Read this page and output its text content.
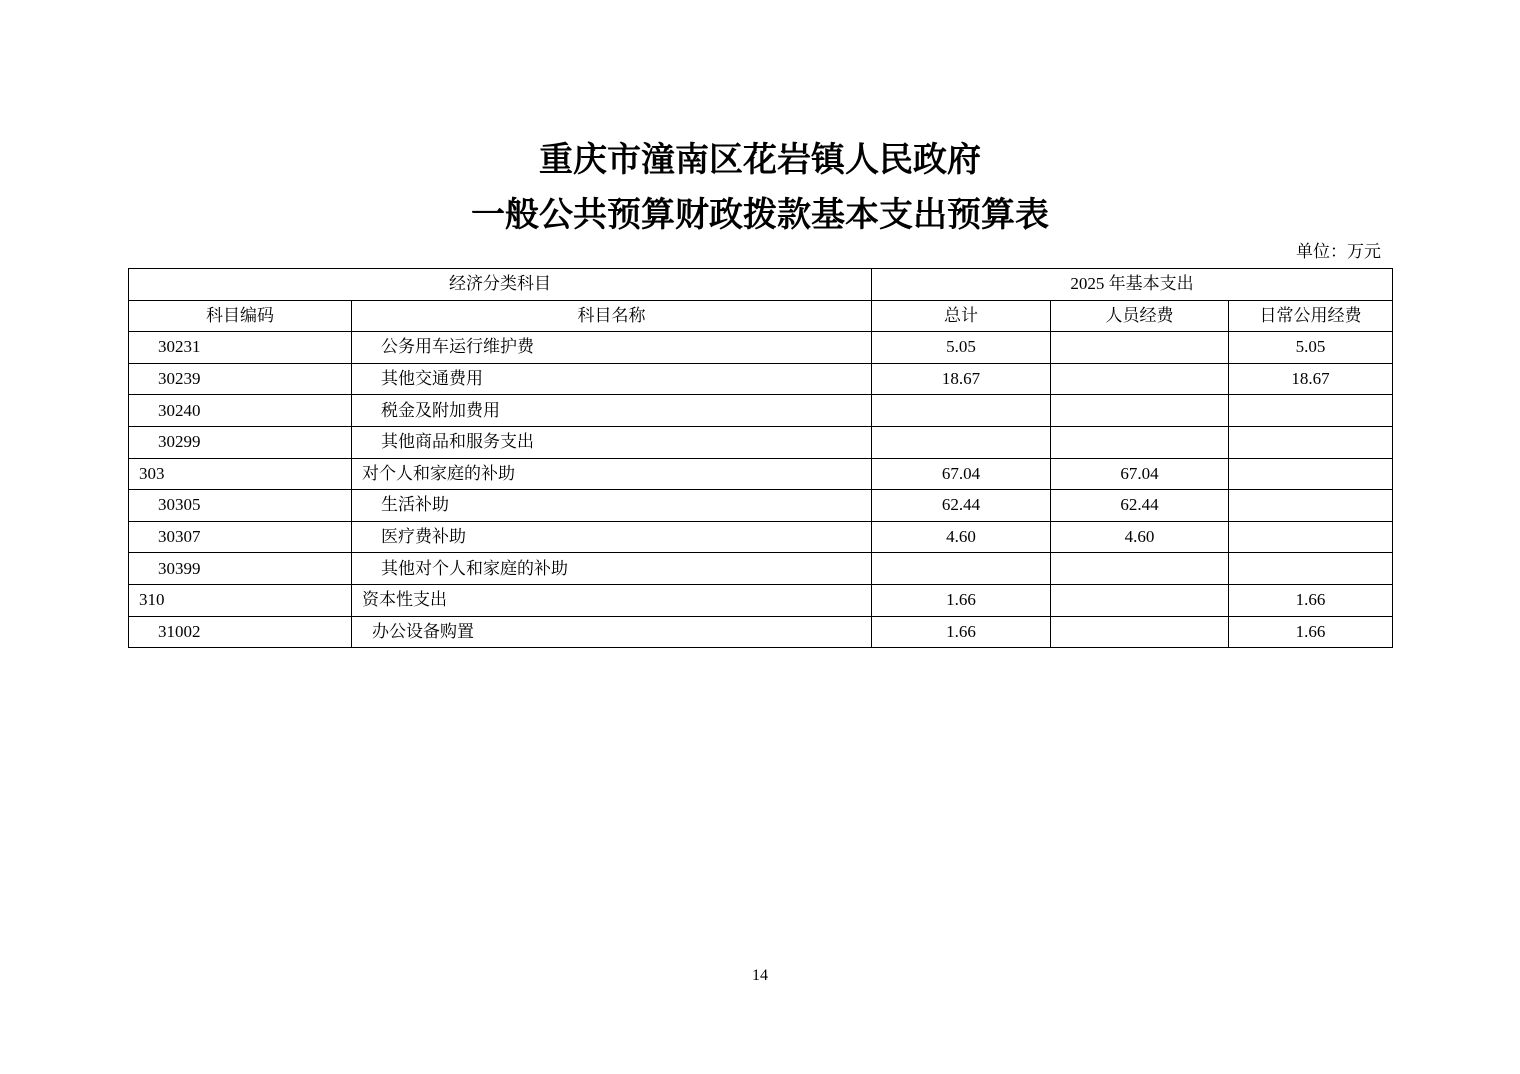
重庆市潼南区花岩镇人民政府
一般公共预算财政拨款基本支出预算表
单位：万元
经济分类科目		2025 年基本支出		
科目编码	科目名称	总计	人员经费	日常公用经费
30231	公务用车运行维护费	5.05		5.05
30239	其他交通费用	18.67		18.67
30240	税金及附加费用			
30299	其他商品和服务支出			
303	对个人和家庭的补助	67.04	67.04	
30305	生活补助	62.44	62.44	
30307	医疗费补助	4.60	4.60	
30399	其他对个人和家庭的补助			
310	资本性支出	1.66		1.66
31002	办公设备购置	1.66		1.66
14
